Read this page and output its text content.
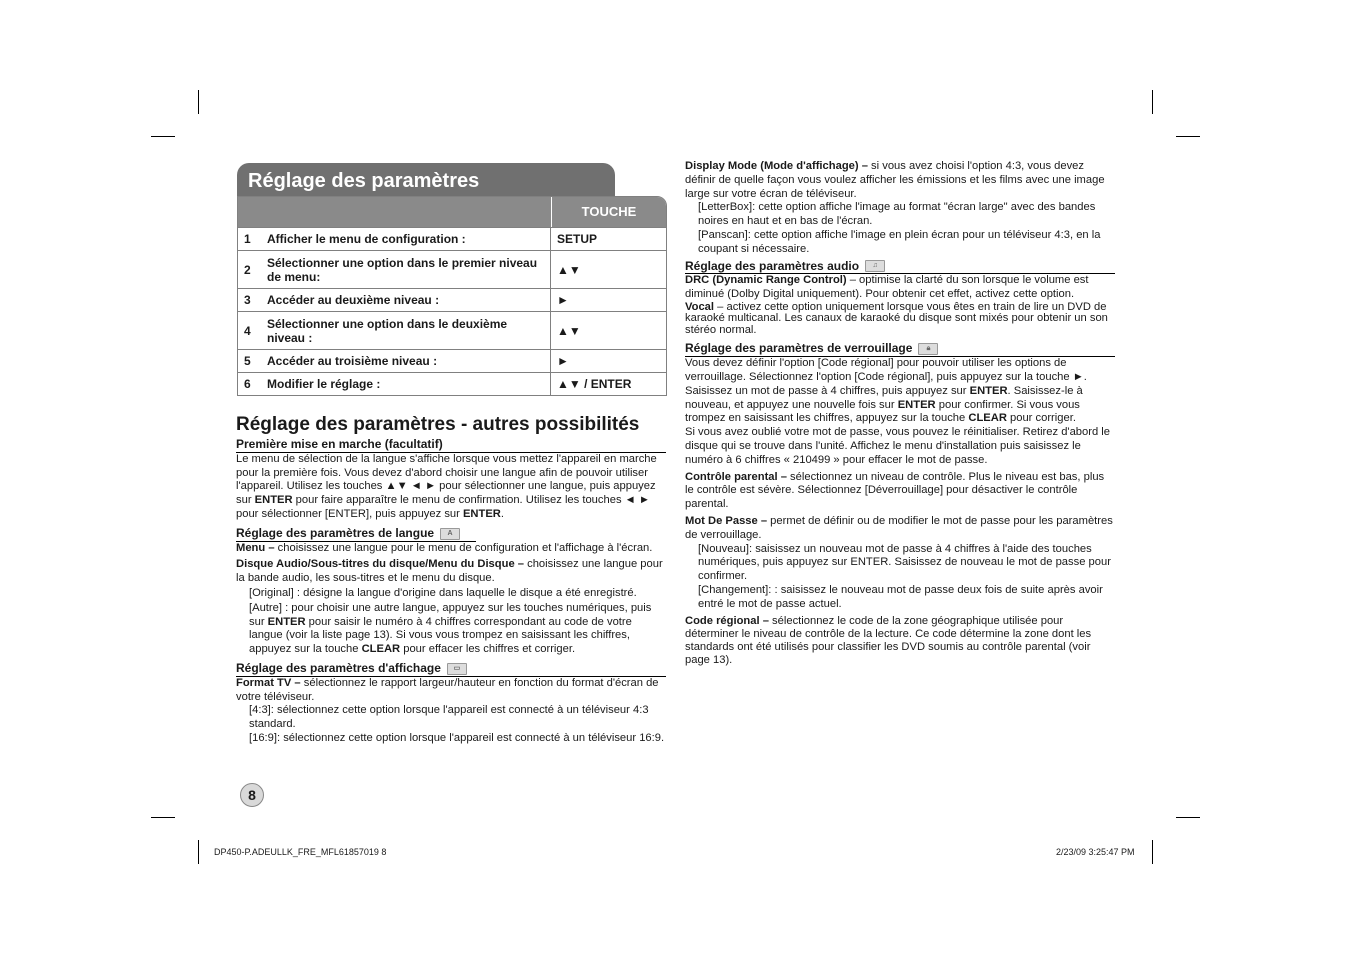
Réglage des paramètres
TOUCHE
1	Afficher le menu de configuration :	SETUP
2	Sélectionner une option dans le premier niveau de menu:	▲▼
3	Accéder au deuxième niveau :	►
4	Sélectionner une option dans le deuxième niveau :	▲▼
5	Accéder au troisième niveau :	►
6	Modifier le réglage :	▲▼ / ENTER
Réglage des paramètres - autres possibilités
Première mise en marche (facultatif)

Le menu de sélection de la langue s'affiche lorsque vous mettez l'appareil en marche pour la première fois. Vous devez d'abord choisir une langue afin de pouvoir utiliser l'appareil. Utilisez les touches ▲▼ ◄ ► pour sélectionner une langue, puis appuyez sur ENTER pour faire apparaître le menu de confirmation. Utilisez les touches ◄ ► pour sélectionner [ENTER], puis appuyez sur ENTER.

Réglage des paramètres de langue A

Menu – choisissez une langue pour le menu de configuration et l'affichage à l'écran.

Disque Audio/Sous-titres du disque/Menu du Disque – choisissez une langue pour la bande audio, les sous-titres et le menu du disque.

[Original] : désigne la langue d'origine dans laquelle le disque a été enregistré.

[Autre] : pour choisir une autre langue, appuyez sur les touches numériques, puis sur ENTER pour saisir le numéro à 4 chiffres correspondant au code de votre langue (voir la liste page 13). Si vous vous trompez en saisissant les chiffres, appuyez sur la touche CLEAR pour effacer les chiffres et corriger.

Réglage des paramètres d'affichage ▭

Format TV – sélectionnez le rapport largeur/hauteur en fonction du format d'écran de votre téléviseur.

[4:3]: sélectionnez cette option lorsque l'appareil est connecté à un téléviseur 4:3 standard.

[16:9]: sélectionnez cette option lorsque l'appareil est connecté à un téléviseur 16:9.

8

Display Mode (Mode d'affichage) – si vous avez choisi l'option 4:3, vous devez définir de quelle façon vous voulez afficher les émissions et les films avec une image large sur votre écran de téléviseur.

[LetterBox]: cette option affiche l'image au format "écran large" avec des bandes noires en haut et en bas de l'écran.

[Panscan]: cette option affiche l'image en plein écran pour un téléviseur 4:3, en la coupant si nécessaire.

Réglage des paramètres audio ♫

DRC (Dynamic Range Control) – optimise la clarté du son lorsque le volume est diminué (Dolby Digital uniquement). Pour obtenir cet effet, activez cette option.

Vocal – activez cette option uniquement lorsque vous êtes en train de lire un DVD de karaoké multicanal. Les canaux de karaoké du disque sont mixés pour obtenir un son stéréo normal.

Réglage des paramètres de verrouillage 🔒︎

Vous devez définir l'option [Code régional] pour pouvoir utiliser les options de verrouillage. Sélectionnez l'option [Code régional], puis appuyez sur la touche ►. Saisissez un mot de passe à 4 chiffres, puis appuyez sur ENTER. Saisissez-le à nouveau, et appuyez une nouvelle fois sur ENTER pour confirmer. Si vous vous trompez en saisissant les chiffres, appuyez sur la touche CLEAR pour corriger.

Si vous avez oublié votre mot de passe, vous pouvez le réinitialiser. Retirez d'abord le disque qui se trouve dans l'unité. Affichez le menu d'installation puis saisissez le numéro à 6 chiffres « 210499 » pour effacer le mot de passe.

Contrôle parental – sélectionnez un niveau de contrôle. Plus le niveau est bas, plus le contrôle est sévère. Sélectionnez [Déverrouillage] pour désactiver le contrôle parental.

Mot De Passe – permet de définir ou de modifier le mot de passe pour les paramètres de verrouillage.

[Nouveau]: saisissez un nouveau mot de passe à 4 chiffres à l'aide des touches numériques, puis appuyez sur ENTER. Saisissez de nouveau le mot de passe pour confirmer.

[Changement]: : saisissez le nouveau mot de passe deux fois de suite après avoir entré le mot de passe actuel.

Code régional – sélectionnez le code de la zone géographique utilisée pour déterminer le niveau de contrôle de la lecture. Ce code détermine la zone dont les standards ont été utilisés pour classifier les DVD soumis au contrôle parental (voir page 13).

DP450-P.ADEULLK_FRE_MFL61857019 8	2/23/09 3:25:47 PM
